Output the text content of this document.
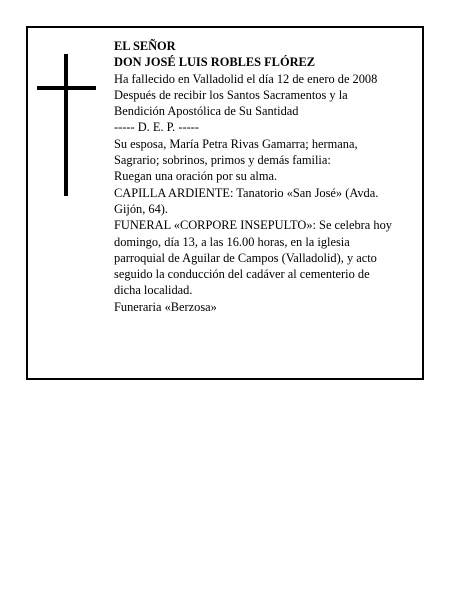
EL SEÑOR
DON JOSÉ LUIS ROBLES FLÓREZ
Ha fallecido en Valladolid el día 12 de enero de 2008
Después de recibir los Santos Sacramentos y la
Bendición Apostólica de Su Santidad
----- D. E. P. -----
Su esposa, María Petra Rivas Gamarra; hermana,
Sagrario; sobrinos, primos y demás familia:
Ruegan una oración por su alma.
CAPILLA ARDIENTE: Tanatorio «San José» (Avda.
Gijón, 64).
FUNERAL «CORPORE INSEPULTO»: Se celebra hoy
domingo, día 13, a las 16.00 horas, en la iglesia
parroquial de Aguilar de Campos (Valladolid), y acto
seguido la conducción del cadáver al cementerio de
dicha localidad.
Funeraria «Berzosa»
